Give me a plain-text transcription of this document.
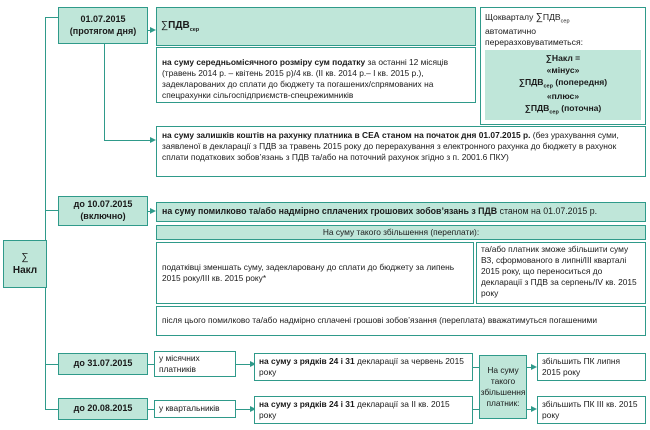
∑ Накл
01.07.2015
(протягом дня)
до 10.07.2015
(включно)
до 31.07.2015
до 20.08.2015
$\sum ПДВ_{сер}$
Щокварталу $\sum ПДВ_{сер}$
автоматично
переразховуватиметься:
∑Накл =
«мінус»
$\sum ПДВ_{сер}$ (попередня)
«плюс»
$\sum ПДВ_{сер}$ (поточна)
на суму середньомісячного розміру сум податку за останні 12 місяців (травень 2014 р. – квітень 2015 р)/4 кв. (ІІ кв. 2014 р.– І кв. 2015 р.), задекларованих до сплати до бюджету та погашених/спрямованих на спецрахунки сільгоспідприємств-спецрежимників
на суму залишків коштів на рахунку платника в СЕА станом на початок дня 01.07.2015 р. (без урахування суми, заявленої в декларації з ПДВ за травень 2015 року до перерахування з електронного рахунка до бюджету в рахунок сплати податкових зобов’язань з ПДВ та/або на поточний рахунок згідно з п. 2001.6 ПКУ)
на суму помилково та/або надмірно сплачених грошових зобов’язань з ПДВ станом на 01.07.2015 р.
На суму такого збільшення (переплати):
податківці зменшать суму, задекларовану до сплати до бюджету за липень 2015 року/ІІІ кв. 2015 року*
та/або платник зможе збільшити суму ВЗ, сформованого в липні/ІІІ кварталі 2015 року, що переноситься до декларації з ПДВ за серпень/ІV кв. 2015 року
після цього помилково та/або надмірно сплачені грошові зобов’язання (переплата) вважатимуться погашеними
у місячних платників
у квартальників
на суму з рядків 24 і 31 декларації за червень 2015 року
на суму з рядків 24 і 31 декларації за ІІ кв. 2015 року
На суму такого збільшення платник:
збільшить ПК липня 2015 року
збільшить ПК ІІІ кв. 2015 року
